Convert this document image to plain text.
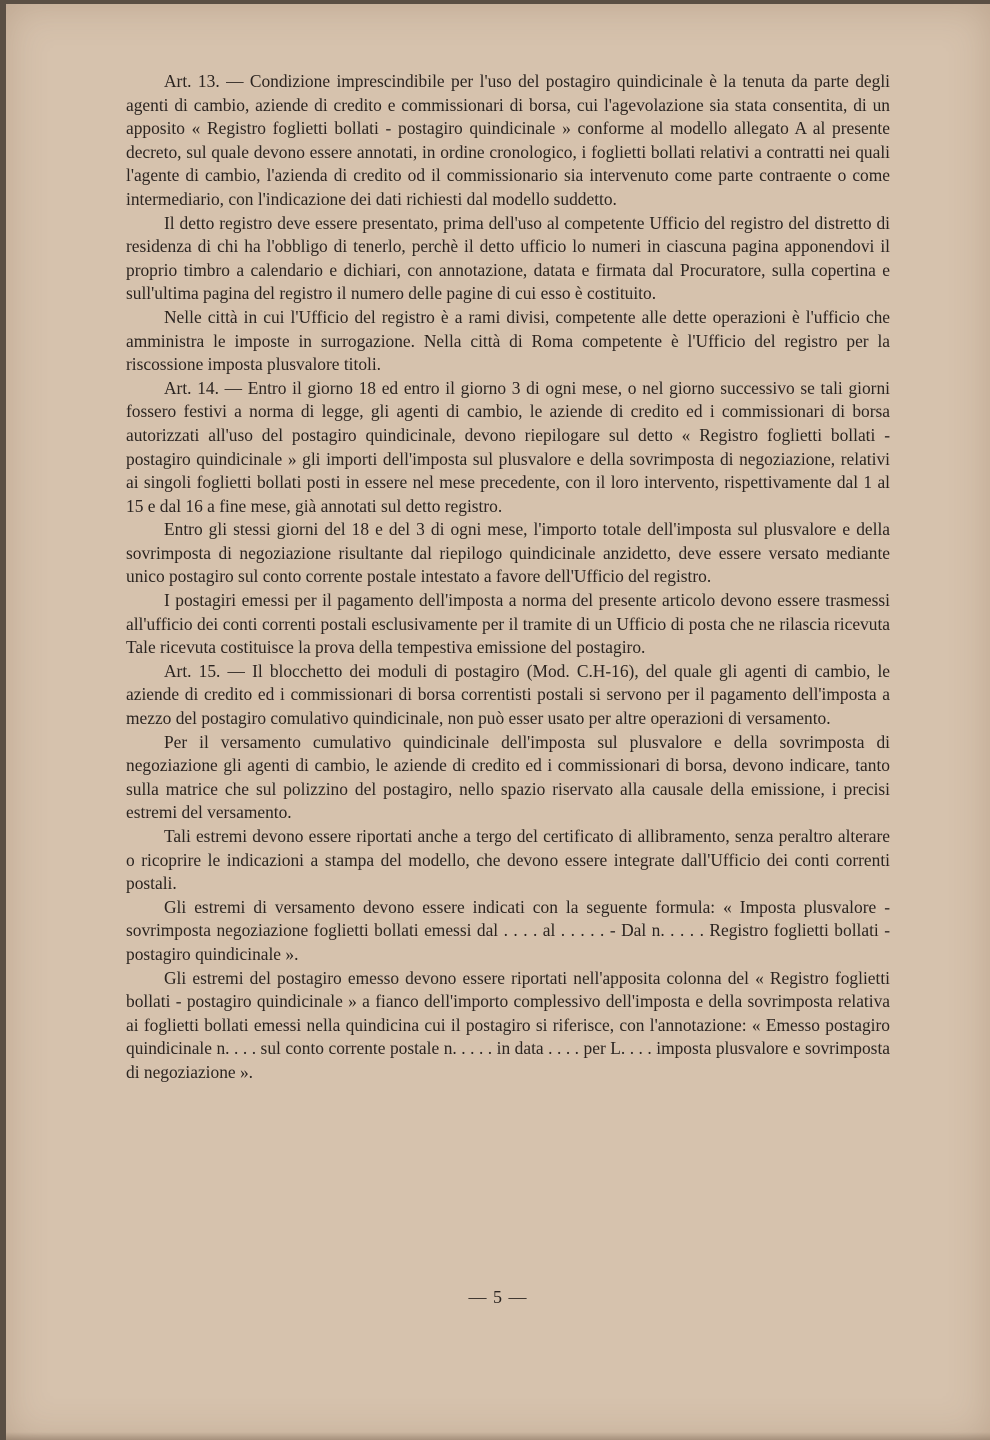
Art. 13. — Condizione imprescindibile per l'uso del postagiro quindicinale è la tenuta da parte degli agenti di cambio, aziende di credito e commissionari di borsa, cui l'agevolazione sia stata consentita, di un apposito « Registro foglietti bollati - postagiro quindicinale » conforme al modello allegato A al presente decreto, sul quale devono essere annotati, in ordine cronologico, i foglietti bollati relativi a contratti nei quali l'agente di cambio, l'azienda di credito od il commissionario sia intervenuto come parte contraente o come intermediario, con l'indicazione dei dati richiesti dal modello suddetto.

Il detto registro deve essere presentato, prima dell'uso al competente Ufficio del registro del distretto di residenza di chi ha l'obbligo di tenerlo, perchè il detto ufficio lo numeri in ciascuna pagina apponendovi il proprio timbro a calendario e dichiari, con annotazione, datata e firmata dal Procuratore, sulla copertina e sull'ultima pagina del registro il numero delle pagine di cui esso è costituito.

Nelle città in cui l'Ufficio del registro è a rami divisi, competente alle dette operazioni è l'ufficio che amministra le imposte in surrogazione. Nella città di Roma competente è l'Ufficio del registro per la riscossione imposta plusvalore titoli.

Art. 14. — Entro il giorno 18 ed entro il giorno 3 di ogni mese, o nel giorno successivo se tali giorni fossero festivi a norma di legge, gli agenti di cambio, le aziende di credito ed i commissionari di borsa autorizzati all'uso del postagiro quindicinale, devono riepilogare sul detto « Registro foglietti bollati - postagiro quindicinale » gli importi dell'imposta sul plusvalore e della sovrimposta di negoziazione, relativi ai singoli foglietti bollati posti in essere nel mese precedente, con il loro intervento, rispettivamente dal 1 al 15 e dal 16 a fine mese, già annotati sul detto registro.

Entro gli stessi giorni del 18 e del 3 di ogni mese, l'importo totale dell'imposta sul plusvalore e della sovrimposta di negoziazione risultante dal riepilogo quindicinale anzidetto, deve essere versato mediante unico postagiro sul conto corrente postale intestato a favore dell'Ufficio del registro.

I postagiri emessi per il pagamento dell'imposta a norma del presente articolo devono essere trasmessi all'ufficio dei conti correnti postali esclusivamente per il tramite di un Ufficio di posta che ne rilascia ricevuta Tale ricevuta costituisce la prova della tempestiva emissione del postagiro.

Art. 15. — Il blocchetto dei moduli di postagiro (Mod. C.H-16), del quale gli agenti di cambio, le aziende di credito ed i commissionari di borsa correntisti postali si servono per il pagamento dell'imposta a mezzo del postagiro comulativo quindicinale, non può esser usato per altre operazioni di versamento.

Per il versamento cumulativo quindicinale dell'imposta sul plusvalore e della sovrimposta di negoziazione gli agenti di cambio, le aziende di credito ed i commissionari di borsa, devono indicare, tanto sulla matrice che sul polizzino del postagiro, nello spazio riservato alla causale della emissione, i precisi estremi del versamento.

Tali estremi devono essere riportati anche a tergo del certificato di allibramento, senza peraltro alterare o ricoprire le indicazioni a stampa del modello, che devono essere integrate dall'Ufficio dei conti correnti postali.

Gli estremi di versamento devono essere indicati con la seguente formula: « Imposta plusvalore - sovrimposta negoziazione foglietti bollati emessi dal . . . . al . . . . . - Dal n. . . . . Registro foglietti bollati - postagiro quindicinale ».

Gli estremi del postagiro emesso devono essere riportati nell'apposita colonna del « Registro foglietti bollati - postagiro quindicinale » a fianco dell'importo complessivo dell'imposta e della sovrimposta relativa ai foglietti bollati emessi nella quindicina cui il postagiro si riferisce, con l'annotazione: « Emesso postagiro quindicinale n. . . . sul conto corrente postale n. . . . . in data . . . . per L. . . . imposta plusvalore e sovrimposta di negoziazione ».

— 5 —
